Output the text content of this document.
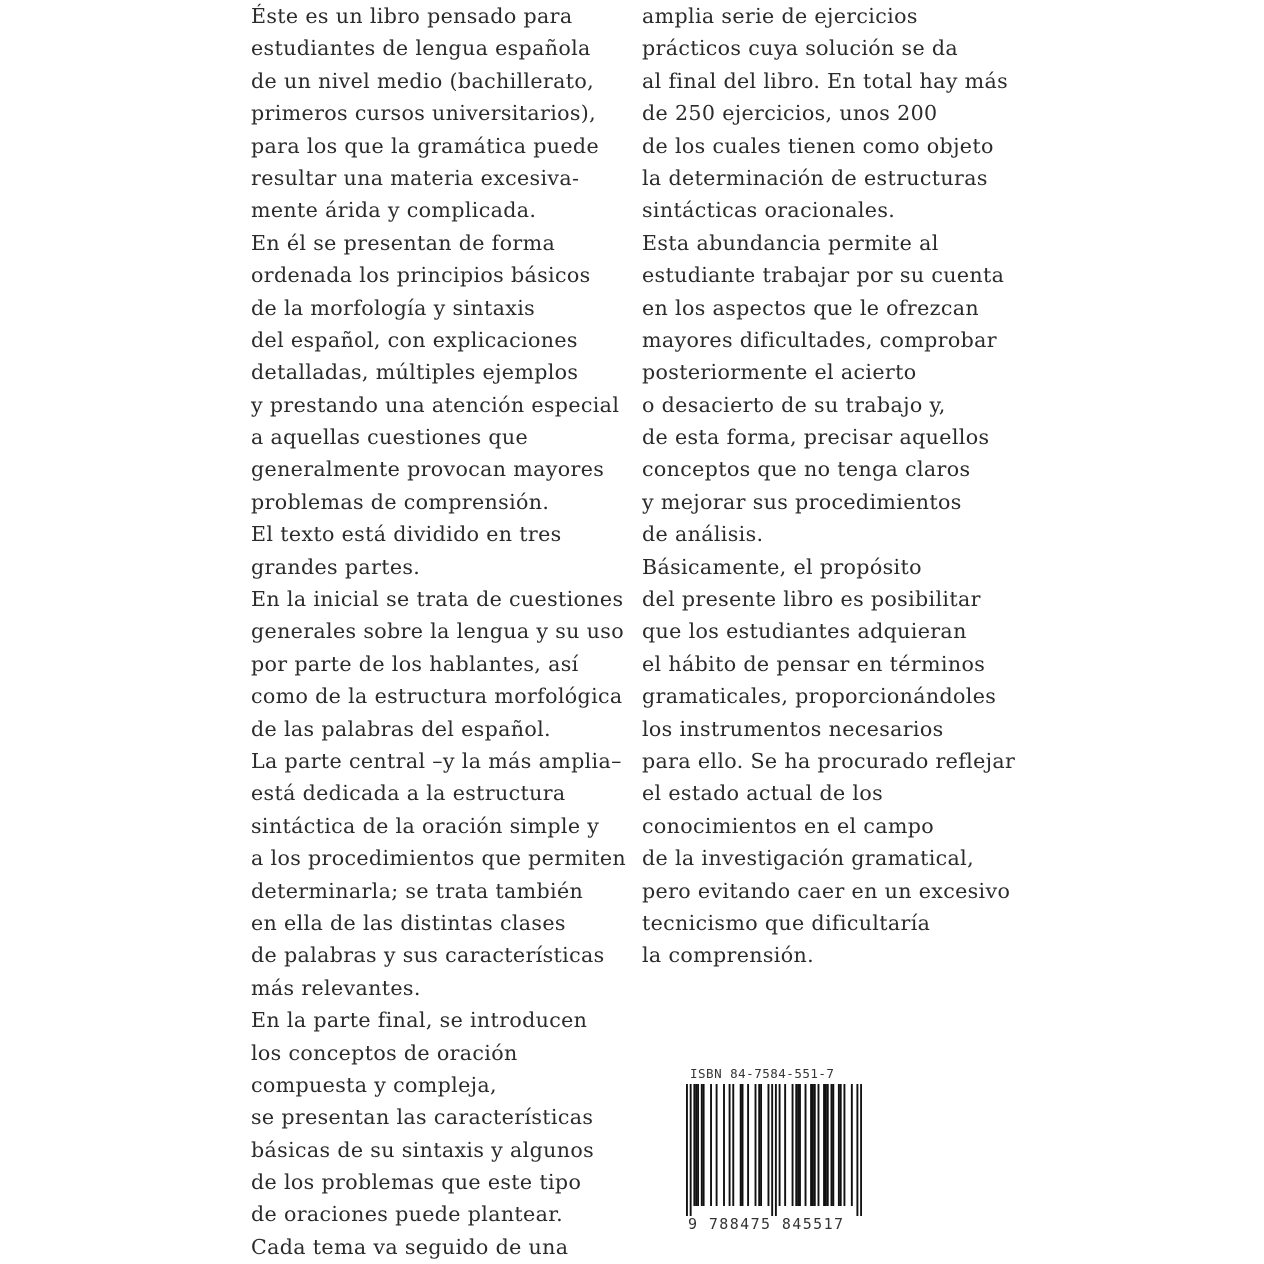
Éste es un libro pensado para
estudiantes de lengua española
de un nivel medio (bachillerato,
primeros cursos universitarios),
para los que la gramática puede
resultar una materia excesiva-
mente árida y complicada.
En él se presentan de forma
ordenada los principios básicos
de la morfología y sintaxis
del español, con explicaciones
detalladas, múltiples ejemplos
y prestando una atención especial
a aquellas cuestiones que
generalmente provocan mayores
problemas de comprensión.
El texto está dividido en tres
grandes partes.
En la inicial se trata de cuestiones
generales sobre la lengua y su uso
por parte de los hablantes, así
como de la estructura morfológica
de las palabras del español.
La parte central –y la más amplia–
está dedicada a la estructura
sintáctica de la oración simple y
a los procedimientos que permiten
determinarla; se trata también
en ella de las distintas clases
de palabras y sus características
más relevantes.
En la parte final, se introducen
los conceptos de oración
compuesta y compleja,
se presentan las características
básicas de su sintaxis y algunos
de los problemas que este tipo
de oraciones puede plantear.
Cada tema va seguido de una
amplia serie de ejercicios
prácticos cuya solución se da
al final del libro. En total hay más
de 250 ejercicios, unos 200
de los cuales tienen como objeto
la determinación de estructuras
sintácticas oracionales.
Esta abundancia permite al
estudiante trabajar por su cuenta
en los aspectos que le ofrezcan
mayores dificultades, comprobar
posteriormente el acierto
o desacierto de su trabajo y,
de esta forma, precisar aquellos
conceptos que no tenga claros
y mejorar sus procedimientos
de análisis.
Básicamente, el propósito
del presente libro es posibilitar
que los estudiantes adquieran
el hábito de pensar en términos
gramaticales, proporcionándoles
los instrumentos necesarios
para ello. Se ha procurado reflejar
el estado actual de los
conocimientos en el campo
de la investigación gramatical,
pero evitando caer en un excesivo
tecnicismo que dificultaría
la comprensión.
ISBN 84-7584-551-7
9 788475 845517
